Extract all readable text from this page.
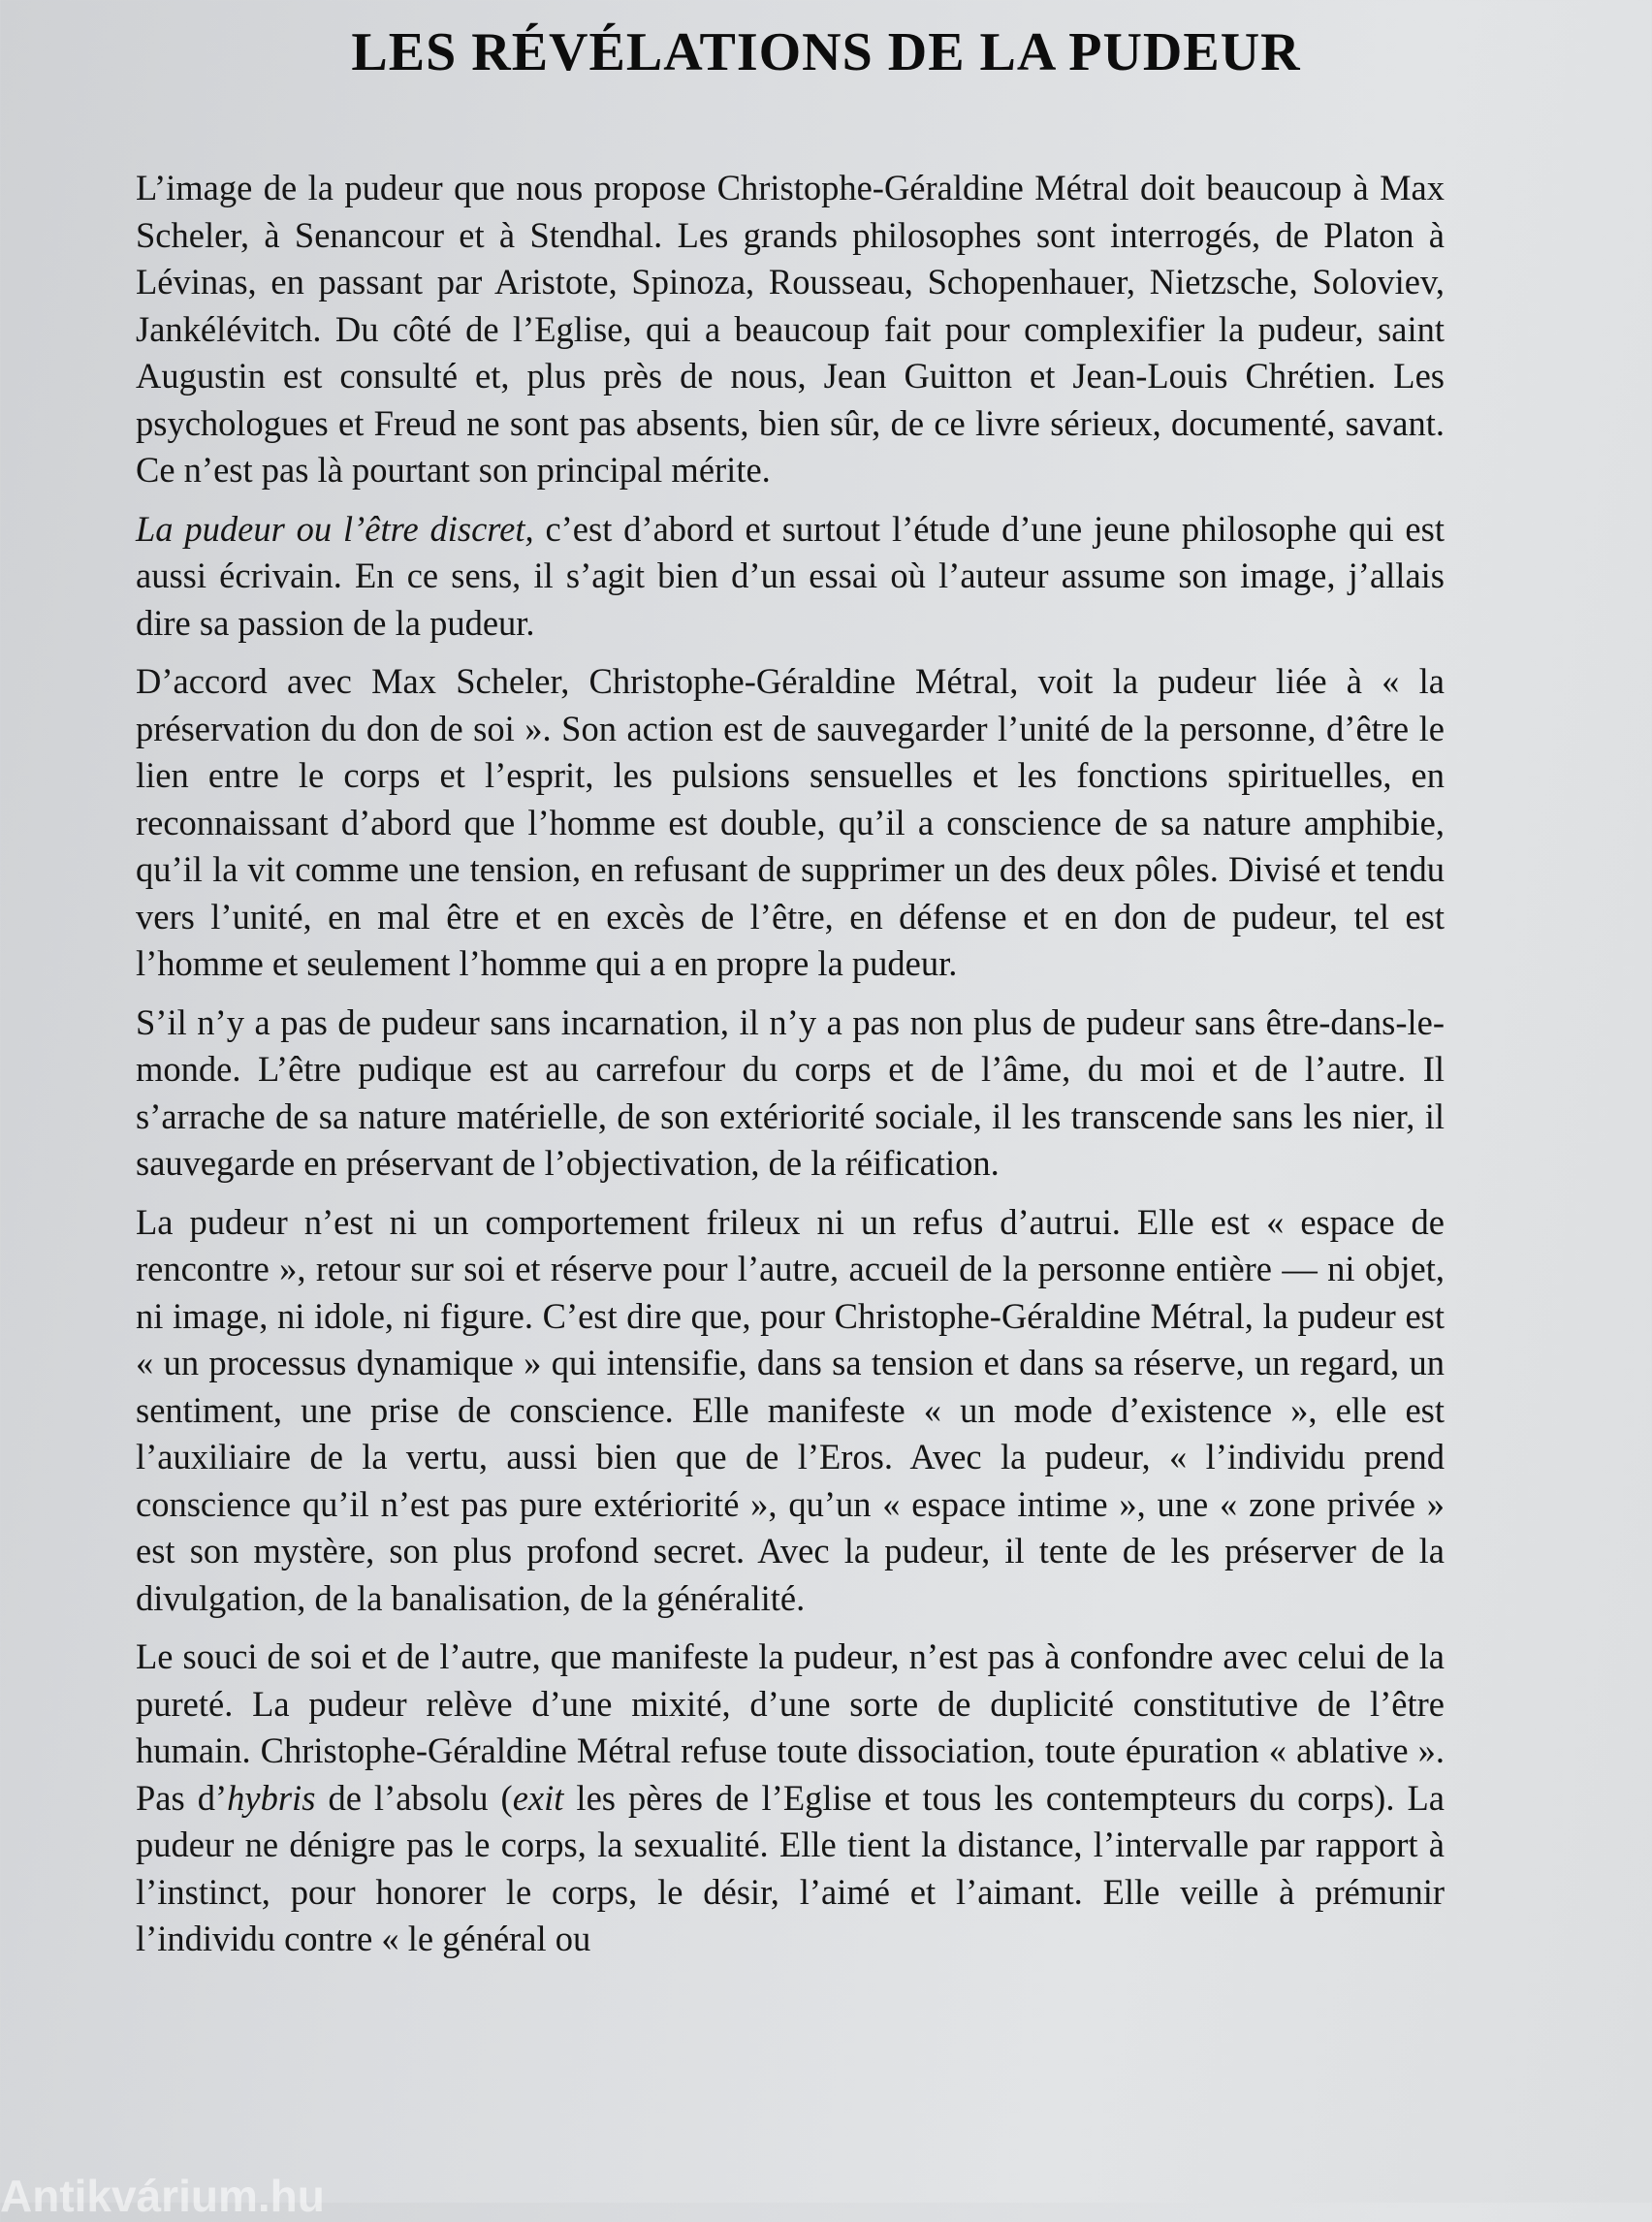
LES RÉVÉLATIONS DE LA PUDEUR

L’image de la pudeur que nous propose Christophe-Géraldine Métral doit beaucoup à Max Scheler, à Senancour et à Stendhal. Les grands philosophes sont interrogés, de Platon à Lévinas, en passant par Aristote, Spinoza, Rousseau, Schopenhauer, Nietzsche, Soloviev, Jankélévitch. Du côté de l’Eglise, qui a beaucoup fait pour complexifier la pudeur, saint Augustin est consulté et, plus près de nous, Jean Guitton et Jean-Louis Chrétien. Les psychologues et Freud ne sont pas absents, bien sûr, de ce livre sérieux, documenté, savant. Ce n’est pas là pourtant son principal mérite.

La pudeur ou l’être discret, c’est d’abord et surtout l’étude d’une jeune philosophe qui est aussi écrivain. En ce sens, il s’agit bien d’un essai où l’auteur assume son image, j’allais dire sa passion de la pudeur.

D’accord avec Max Scheler, Christophe-Géraldine Métral, voit la pudeur liée à « la préservation du don de soi ». Son action est de sauvegarder l’unité de la personne, d’être le lien entre le corps et l’esprit, les pulsions sensuelles et les fonctions spirituelles, en reconnaissant d’abord que l’homme est double, qu’il a conscience de sa nature amphibie, qu’il la vit comme une tension, en refusant de supprimer un des deux pôles. Divisé et tendu vers l’unité, en mal être et en excès de l’être, en défense et en don de pudeur, tel est l’homme et seulement l’homme qui a en propre la pudeur.

S’il n’y a pas de pudeur sans incarnation, il n’y a pas non plus de pudeur sans être-dans-le-monde. L’être pudique est au carrefour du corps et de l’âme, du moi et de l’autre. Il s’arrache de sa nature matérielle, de son extériorité sociale, il les transcende sans les nier, il sauvegarde en préservant de l’objectivation, de la réification.

La pudeur n’est ni un comportement frileux ni un refus d’autrui. Elle est « espace de rencontre », retour sur soi et réserve pour l’autre, accueil de la personne entière — ni objet, ni image, ni idole, ni figure. C’est dire que, pour Christophe-Géraldine Métral, la pudeur est « un processus dynamique » qui intensifie, dans sa tension et dans sa réserve, un regard, un sentiment, une prise de conscience. Elle manifeste « un mode d’existence », elle est l’auxiliaire de la vertu, aussi bien que de l’Eros. Avec la pudeur, « l’individu prend conscience qu’il n’est pas pure extériorité », qu’un « espace intime », une « zone privée » est son mystère, son plus profond secret. Avec la pudeur, il tente de les préserver de la divulgation, de la banalisation, de la généralité.

Le souci de soi et de l’autre, que manifeste la pudeur, n’est pas à confondre avec celui de la pureté. La pudeur relève d’une mixité, d’une sorte de duplicité constitutive de l’être humain. Christophe-Géraldine Métral refuse toute dissociation, toute épuration « ablative ». Pas d’hybris de l’absolu (exit les pères de l’Eglise et tous les contempteurs du corps). La pudeur ne dénigre pas le corps, la sexualité. Elle tient la distance, l’intervalle par rapport à l’instinct, pour honorer le corps, le désir, l’aimé et l’aimant. Elle veille à prémunir l’individu contre « le général ou

Antikvárium.hu
